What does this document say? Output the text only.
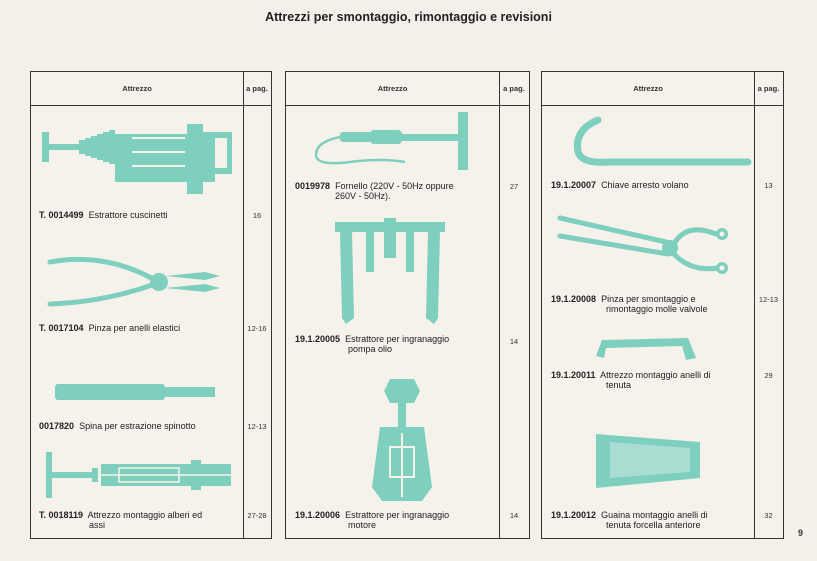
Attrezzi per smontaggio, rimontaggio e revisioni
Attrezzo	a pag.
T. 0014499 Estrattore cuscinetti	16
T. 0017104 Pinza per anelli elastici	12-16
0017820 Spina per estrazione spinotto	12-13
T. 0018119 Attrezzo montaggio alberi ed
assi
27-28
Attrezzo	a pag.
0019978 Fornello (220V - 50Hz oppure
260V - 50Hz).
27
19.1.20005 Estrattore per ingranaggio
pompa olio
14
19.1.20006 Estrattore per ingranaggio
motore
14
Attrezzo	a pag.
19.1.20007 Chiave arresto volano	13
19.1.20008 Pinza per smontaggio e
rimontaggio molle valvole
12-13
19.1.20011 Attrezzo montaggio anelli di
tenuta
29
19.1.20012 Guaina montaggio anelli di
tenuta forcella anteriore
32
9
